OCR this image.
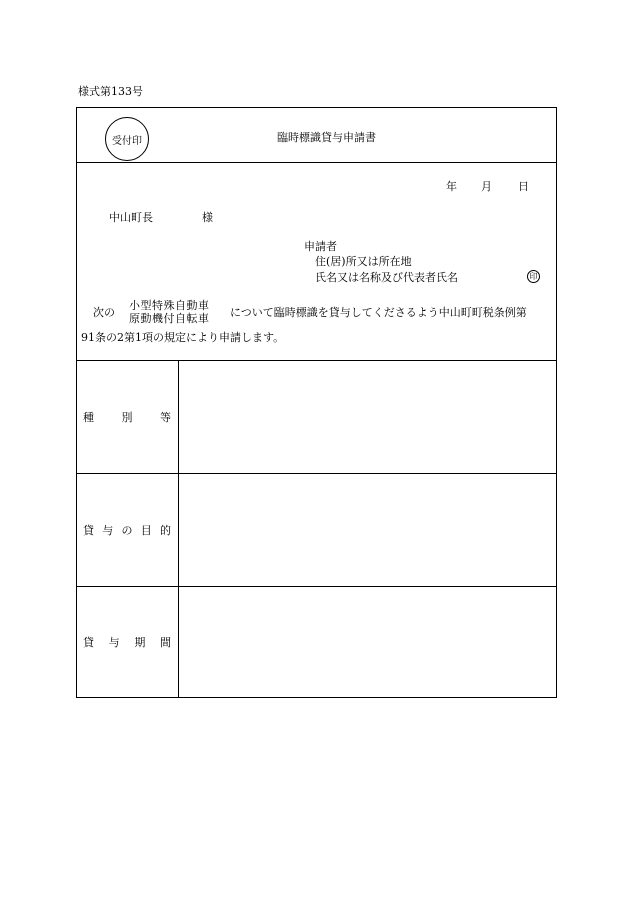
様式第133号
受付印	臨時標識貸与申請書
年 月 日
中山町長	様
申請者
住(居)所又は所在地
氏名又は名称及び代表者氏名	印
次の
小型特殊自動車
原動機付自転車 について臨時標識を貸与してくださるよう中山町町税条例第
91条の2第1項の規定により申請します。
種	別	等
貸 与 の 目 的
貸 与 期 間
